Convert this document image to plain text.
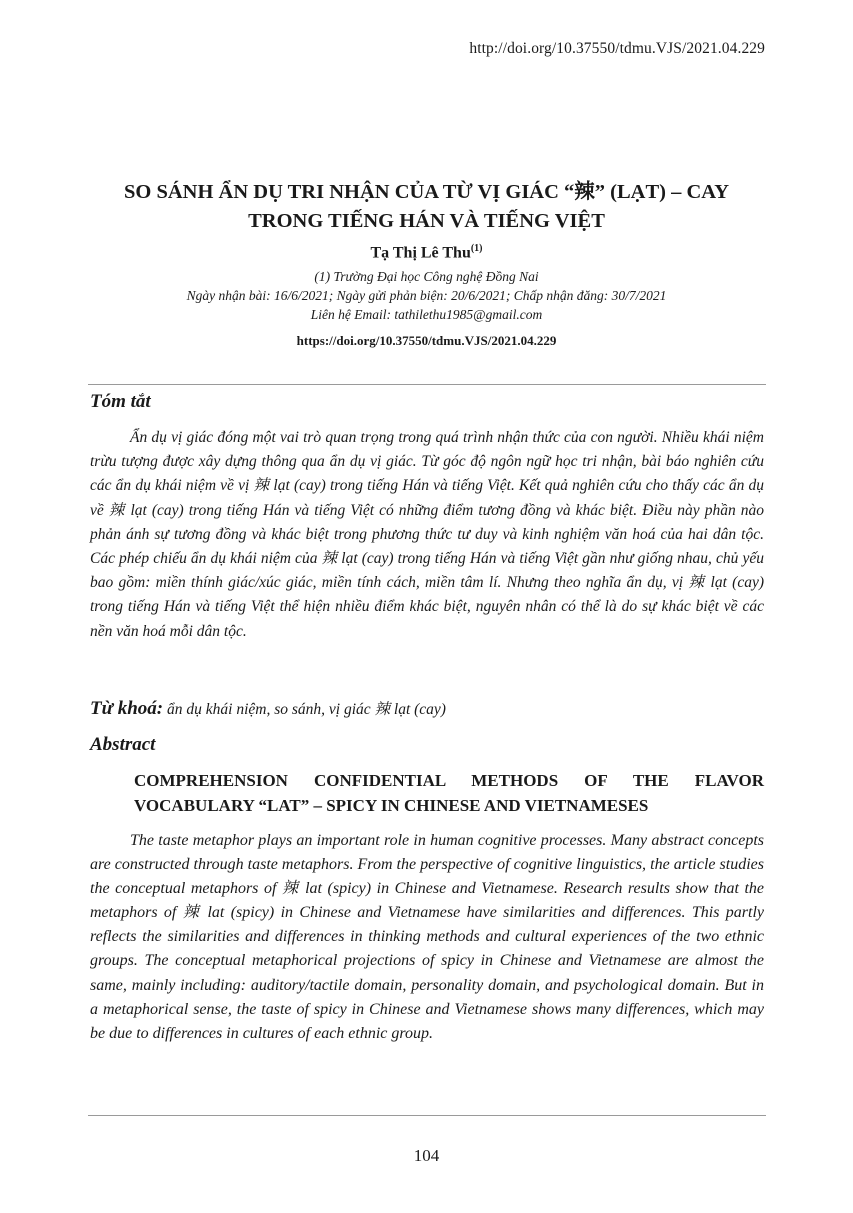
http://doi.org/10.37550/tdmu.VJS/2021.04.229
SO SÁNH ẨN DỤ TRI NHẬN CỦA TỪ VỊ GIÁC “辣” (LẠT) – CAY
TRONG TIẾNG HÁN VÀ TIẾNG VIỆT
Tạ Thị Lê Thu$^{(1)}$
(1) Trường Đại học Công nghệ Đồng Nai
Ngày nhận bài: 16/6/2021; Ngày gửi phản biện: 20/6/2021; Chấp nhận đăng: 30/7/2021
Liên hệ Email: tathilethu1985@gmail.com
https://doi.org/10.37550/tdmu.VJS/2021.04.229
Tóm tắt

Ẩn dụ vị giác đóng một vai trò quan trọng trong quá trình nhận thức của con người. Nhiều khái niệm trừu tượng được xây dựng thông qua ẩn dụ vị giác. Từ góc độ ngôn ngữ học tri nhận, bài báo nghiên cứu các ẩn dụ khái niệm về vị 辣 lạt (cay) trong tiếng Hán và tiếng Việt. Kết quả nghiên cứu cho thấy các ẩn dụ về 辣 lạt (cay) trong tiếng Hán và tiếng Việt có những điểm tương đồng và khác biệt. Điều này phần nào phản ánh sự tương đồng và khác biệt trong phương thức tư duy và kinh nghiệm văn hoá của hai dân tộc. Các phép chiếu ẩn dụ khái niệm của 辣 lạt (cay) trong tiếng Hán và tiếng Việt gần như giống nhau, chủ yếu bao gồm: miền thính giác/xúc giác, miền tính cách, miền tâm lí. Nhưng theo nghĩa ẩn dụ, vị 辣 lạt (cay) trong tiếng Hán và tiếng Việt thể hiện nhiều điểm khác biệt, nguyên nhân có thể là do sự khác biệt về các nền văn hoá mỗi dân tộc.

Từ khoá: ẩn dụ khái niệm, so sánh, vị giác 辣 lạt (cay)

Abstract
COMPREHENSION CONFIDENTIAL METHODS OF THE FLAVOR
VOCABULARY “LAT” – SPICY IN CHINESE AND VIETNAMESES

The taste metaphor plays an important role in human cognitive processes. Many abstract concepts are constructed through taste metaphors. From the perspective of cognitive linguistics, the article studies the conceptual metaphors of 辣 lat (spicy) in Chinese and Vietnamese. Research results show that the metaphors of 辣 lat (spicy) in Chinese and Vietnamese have similarities and differences. This partly reflects the similarities and differences in thinking methods and cultural experiences of the two ethnic groups. The conceptual metaphorical projections of spicy in Chinese and Vietnamese are almost the same, mainly including: auditory/tactile domain, personality domain, and psychological domain. But in a metaphorical sense, the taste of spicy in Chinese and Vietnamese shows many differences, which may be due to differences in cultures of each ethnic group.

104
